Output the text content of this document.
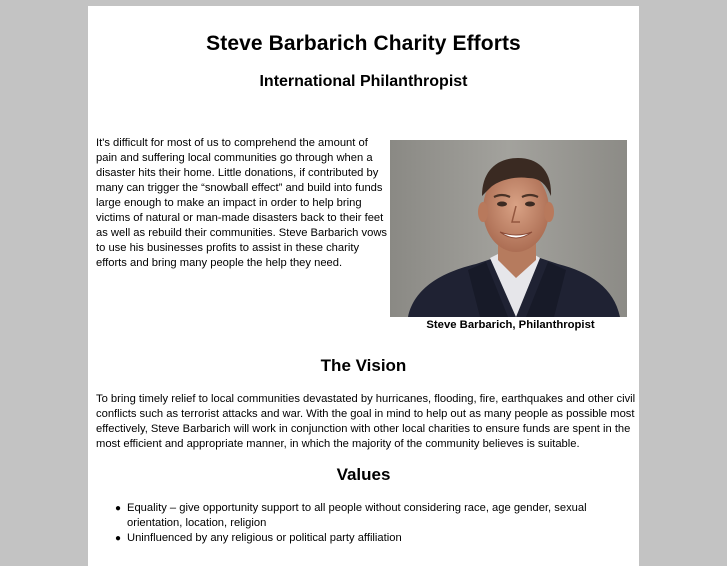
Steve Barbarich Charity Efforts
International Philanthropist

It's difficult for most of us to comprehend the amount of pain and suffering local communities go through when a disaster hits their home. Little donations, if contributed by many can trigger the “snowball effect” and build into funds large enough to make an impact in order to help bring victims of natural or man-made disasters back to their feet as well as rebuild their communities. Steve Barbarich vows to use his businesses profits to assist in these charity efforts and bring many people the help they need.

Steve Barbarich, Philanthropist
The Vision

To bring timely relief to local communities devastated by hurricanes, flooding, fire, earthquakes and other civil conflicts such as terrorist attacks and war. With the goal in mind to help out as many people as possible most effectively, Steve Barbarich will work in conjunction with other local charities to ensure funds are spent in the most efficient and appropriate manner, in which the majority of the community believes is suitable.

Values
● Equality – give opportunity support to all people without considering race, age gender, sexual orientation, location, religion
● Uninfluenced by any religious or political party affiliation
